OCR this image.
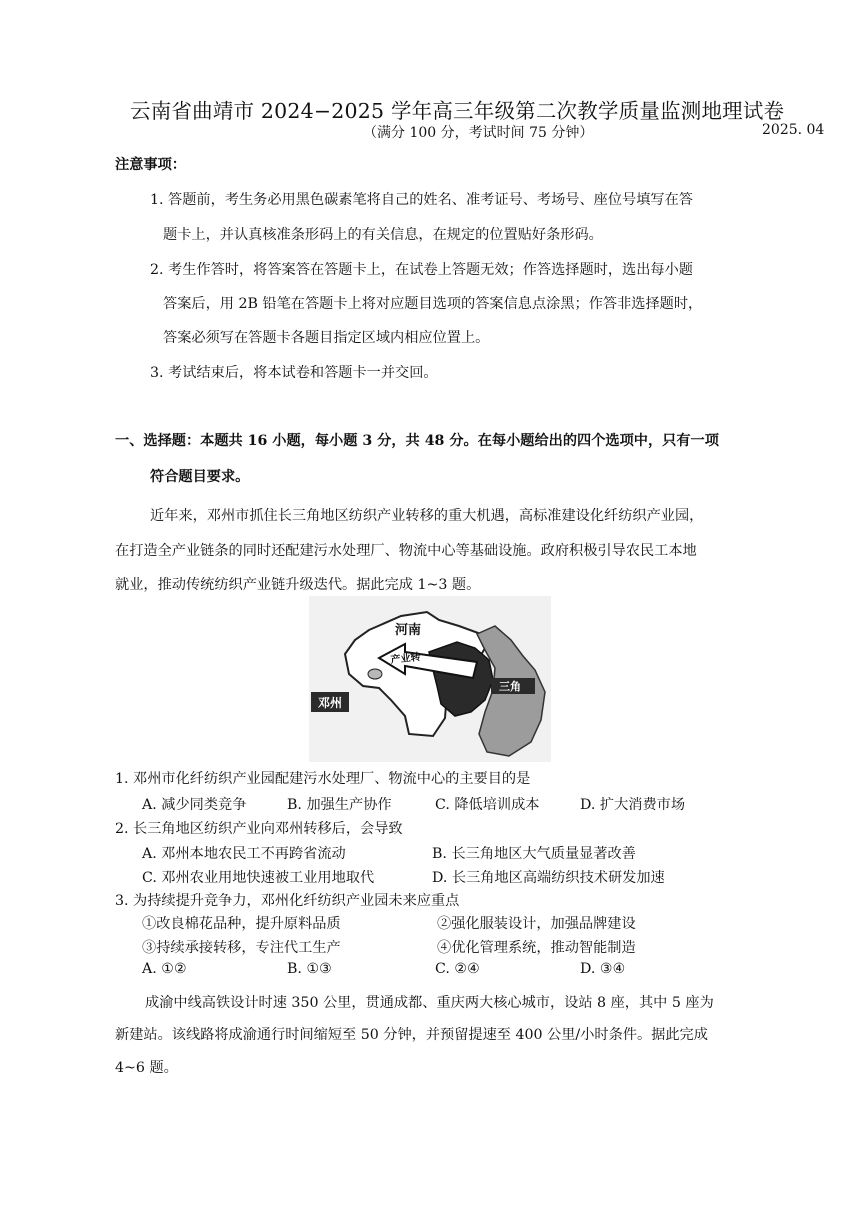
云南省曲靖市 2024−2025 学年高三年级第二次教学质量监测地理试卷
（满分 100 分，考试时间 75 分钟）	2025. 04
注意事项：
1. 答题前，考生务必用黑色碳素笔将自己的姓名、准考证号、考场号、座位号填写在答
题卡上，并认真核准条形码上的有关信息，在规定的位置贴好条形码。
2. 考生作答时，将答案答在答题卡上，在试卷上答题无效；作答选择题时，选出每小题
答案后，用 2B 铅笔在答题卡上将对应题目选项的答案信息点涂黑；作答非选择题时，
答案必须写在答题卡各题目指定区域内相应位置上。
3. 考试结束后，将本试卷和答题卡一并交回。
一、选择题：本题共 16 小题，每小题 3 分，共 48 分。在每小题给出的四个选项中，只有一项
符合题目要求。
近年来，邓州市抓住长三角地区纺织产业转移的重大机遇，高标准建设化纤纺织产业园，
在打造全产业链条的同时还配建污水处理厂、物流中心等基础设施。政府积极引导农民工本地
就业，推动传统纺织产业链升级迭代。据此完成 1~3 题。
邓州
河南
产业转
三角
1. 邓州市化纤纺织产业园配建污水处理厂、物流中心的主要目的是
A. 减少同类竞争	B. 加强生产协作	C. 降低培训成本	D. 扩大消费市场
2. 长三角地区纺织产业向邓州转移后，会导致
A. 邓州本地农民工不再跨省流动	B. 长三角地区大气质量显著改善
C. 邓州农业用地快速被工业用地取代	D. 长三角地区高端纺织技术研发加速
3. 为持续提升竞争力，邓州化纤纺织产业园未来应重点
①改良棉花品种，提升原料品质	②强化服装设计，加强品牌建设
③持续承接转移，专注代工生产	④优化管理系统，推动智能制造
A. ①②	B. ①③	C. ②④	D. ③④
成渝中线高铁设计时速 350 公里，贯通成都、重庆两大核心城市，设站 8 座，其中 5 座为
新建站。该线路将成渝通行时间缩短至 50 分钟，并预留提速至 400 公里/小时条件。据此完成
4~6 题。
